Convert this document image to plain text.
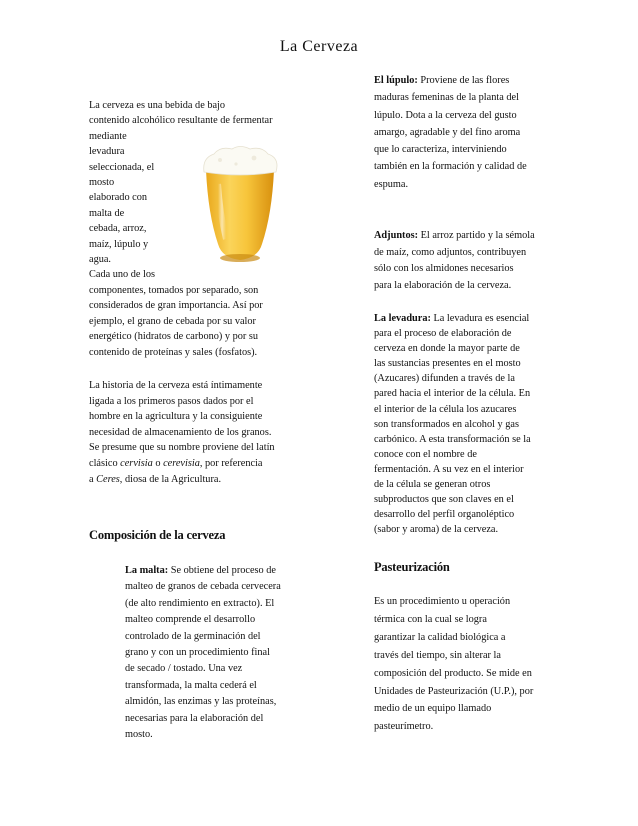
La Cerveza
La cerveza es una bebida de bajo
contenido alcohólico resultante de fermentar
mediante
levadura
seleccionada, el
mosto
elaborado con
malta de
cebada, arroz,
maíz, lúpulo y
agua.
Cada uno de los
componentes, tomados por separado, son
considerados de gran importancia. Así por
ejemplo, el grano de cebada por su valor
energético (hidratos de carbono) y por su
contenido de proteínas y sales (fosfatos).
La historia de la cerveza está íntimamente
ligada a los primeros pasos dados por el
hombre en la agricultura y la consiguiente
necesidad de almacenamiento de los granos.
Se presume que su nombre proviene del latín
clásico cervisia o cerevisia, por referencia
a Ceres, diosa de la Agricultura.
Composición de la cerveza
La malta: Se obtiene del proceso de
malteo de granos de cebada cervecera
(de alto rendimiento en extracto). El
malteo comprende el desarrollo
controlado de la germinación del
grano y con un procedimiento final
de secado / tostado. Una vez
transformada, la malta cederá el
almidón, las enzimas y las proteínas,
necesarias para la elaboración del
mosto.
El lúpulo: Proviene de las flores
maduras femeninas de la planta del
lúpulo. Dota a la cerveza del gusto
amargo, agradable y del fino aroma
que lo caracteriza, interviniendo
también en la formación y calidad de
espuma.
Adjuntos: El arroz partido y la sémola
de maíz, como adjuntos, contribuyen
sólo con los almidones necesarios
para la elaboración de la cerveza.
La levadura: La levadura es esencial
para el proceso de elaboración de
cerveza en donde la mayor parte de
las sustancias presentes en el mosto
(Azucares) difunden a través de la
pared hacia el interior de la célula. En
el interior de la célula los azucares
son transformados en alcohol y gas
carbónico. A esta transformación se la
conoce con el nombre de
fermentación. A su vez en el interior
de la célula se generan otros
subproductos que son claves en el
desarrollo del perfil organoléptico
(sabor y aroma) de la cerveza.
Pasteurización
Es un procedimiento u operación
térmica con la cual se logra
garantizar la calidad biológica a
través del tiempo, sin alterar la
composición del producto. Se mide en
Unidades de Pasteurización (U.P.), por
medio de un equipo llamado
pasteurímetro.
